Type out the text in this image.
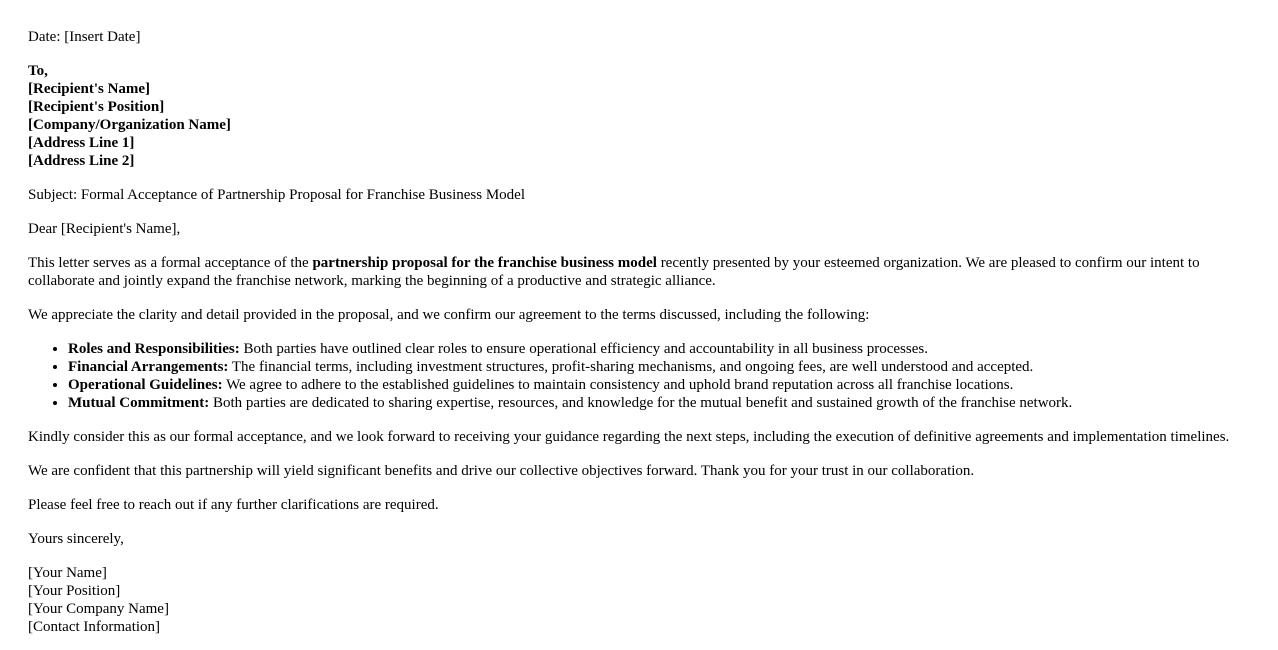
Date: [Insert Date]

To,
[Recipient's Name]
[Recipient's Position]
[Company/Organization Name]
[Address Line 1]
[Address Line 2]

Subject: Formal Acceptance of Partnership Proposal for Franchise Business Model

Dear [Recipient's Name],

This letter serves as a formal acceptance of the partnership proposal for the franchise business model recently presented by your esteemed organization. We are pleased to confirm our intent to collaborate and jointly expand the franchise network, marking the beginning of a productive and strategic alliance.

We appreciate the clarity and detail provided in the proposal, and we confirm our agreement to the terms discussed, including the following:

• Roles and Responsibilities: Both parties have outlined clear roles to ensure operational efficiency and accountability in all business processes.
• Financial Arrangements: The financial terms, including investment structures, profit-sharing mechanisms, and ongoing fees, are well understood and accepted.
• Operational Guidelines: We agree to adhere to the established guidelines to maintain consistency and uphold brand reputation across all franchise locations.
• Mutual Commitment: Both parties are dedicated to sharing expertise, resources, and knowledge for the mutual benefit and sustained growth of the franchise network.

Kindly consider this as our formal acceptance, and we look forward to receiving your guidance regarding the next steps, including the execution of definitive agreements and implementation timelines.

We are confident that this partnership will yield significant benefits and drive our collective objectives forward. Thank you for your trust in our collaboration.

Please feel free to reach out if any further clarifications are required.

Yours sincerely,

[Your Name]
[Your Position]
[Your Company Name]
[Contact Information]
